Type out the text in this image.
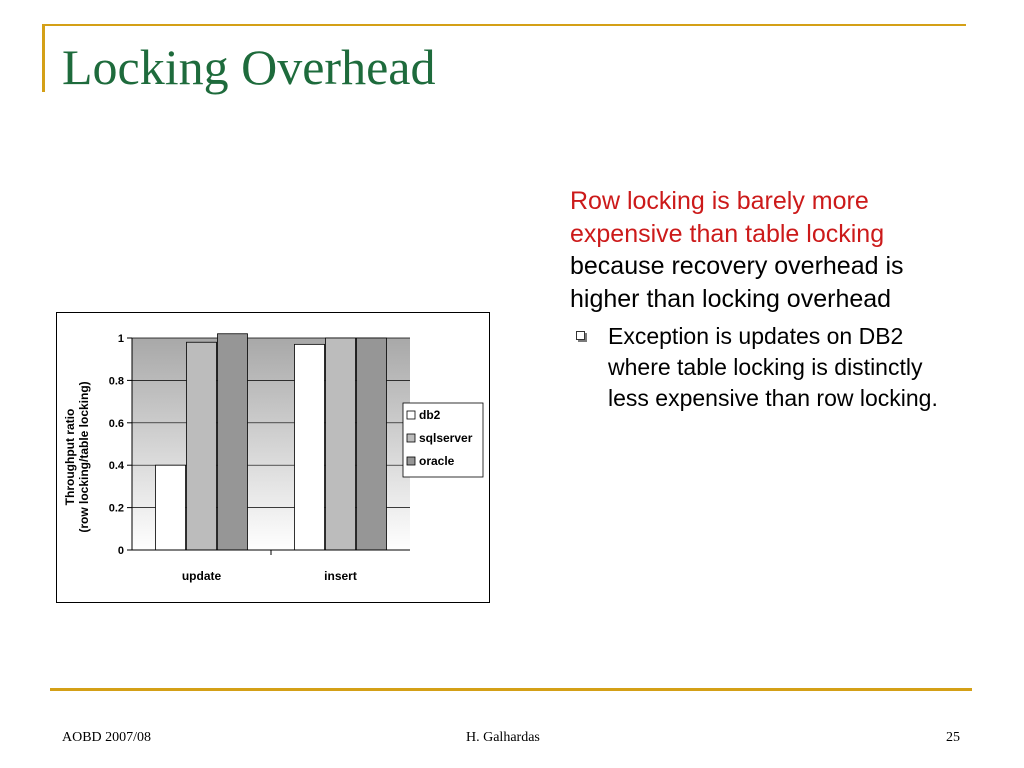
Locking Overhead

Row locking is barely more expensive than table locking because recovery overhead is higher than locking overhead

Exception is updates on DB2 where table locking is distinctly less expensive than row locking.
0
0.2
0.4
0.6
0.8
1
update	insert
Throughput ratio (row locking/table locking)	db2
sqlserver
oracle
AOBD 2007/08	H. Galhardas	25
